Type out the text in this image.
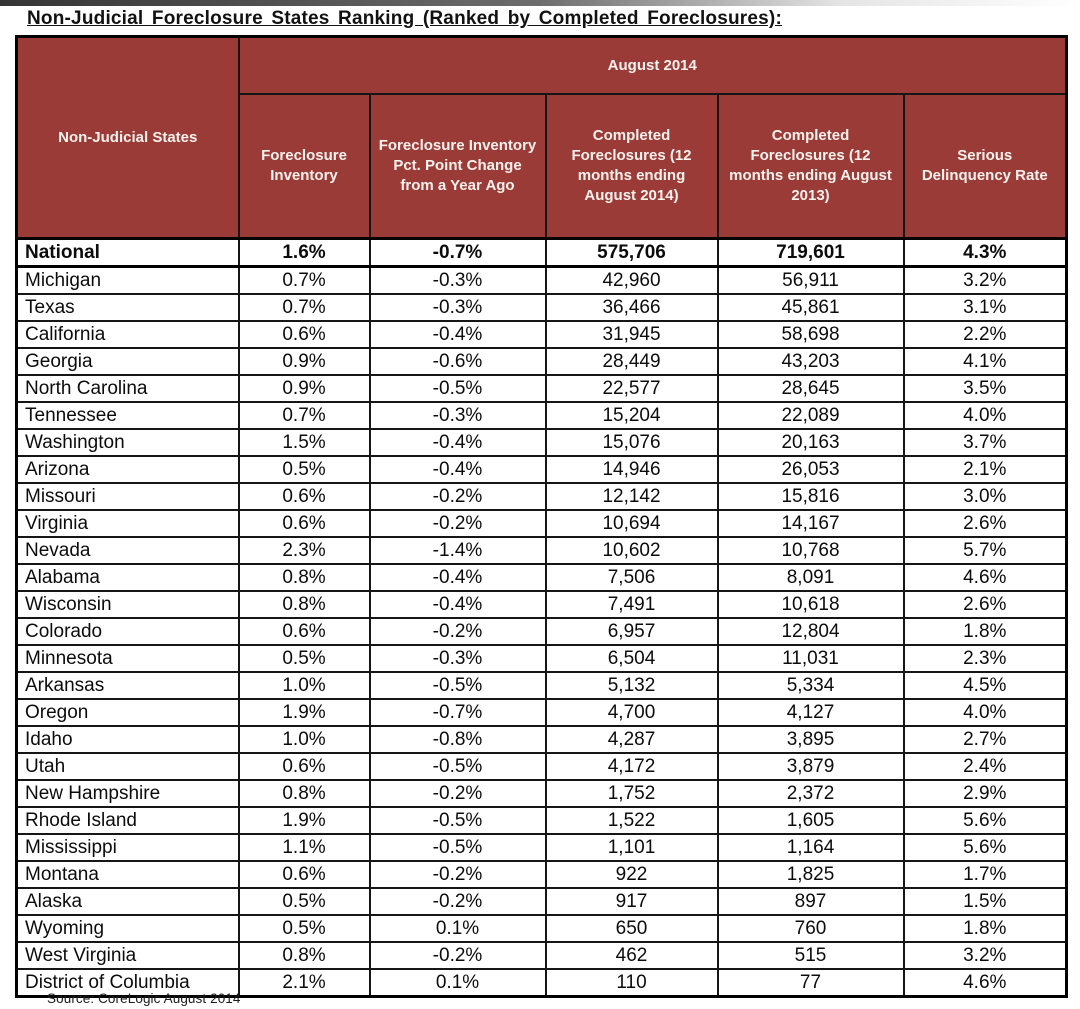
Non-Judicial Foreclosure States Ranking (Ranked by Completed Foreclosures):
Non-Judicial States	August 2014				
	Foreclosure Inventory	Foreclosure Inventory Pct. Point Change from a Year Ago	Completed Foreclosures (12 months ending August 2014)	Completed Foreclosures (12 months ending August 2013)	Serious Delinquency Rate
National	1.6%	-0.7%	575,706	719,601	4.3%
Michigan	0.7%	-0.3%	42,960	56,911	3.2%
Texas	0.7%	-0.3%	36,466	45,861	3.1%
California	0.6%	-0.4%	31,945	58,698	2.2%
Georgia	0.9%	-0.6%	28,449	43,203	4.1%
North Carolina	0.9%	-0.5%	22,577	28,645	3.5%
Tennessee	0.7%	-0.3%	15,204	22,089	4.0%
Washington	1.5%	-0.4%	15,076	20,163	3.7%
Arizona	0.5%	-0.4%	14,946	26,053	2.1%
Missouri	0.6%	-0.2%	12,142	15,816	3.0%
Virginia	0.6%	-0.2%	10,694	14,167	2.6%
Nevada	2.3%	-1.4%	10,602	10,768	5.7%
Alabama	0.8%	-0.4%	7,506	8,091	4.6%
Wisconsin	0.8%	-0.4%	7,491	10,618	2.6%
Colorado	0.6%	-0.2%	6,957	12,804	1.8%
Minnesota	0.5%	-0.3%	6,504	11,031	2.3%
Arkansas	1.0%	-0.5%	5,132	5,334	4.5%
Oregon	1.9%	-0.7%	4,700	4,127	4.0%
Idaho	1.0%	-0.8%	4,287	3,895	2.7%
Utah	0.6%	-0.5%	4,172	3,879	2.4%
New Hampshire	0.8%	-0.2%	1,752	2,372	2.9%
Rhode Island	1.9%	-0.5%	1,522	1,605	5.6%
Mississippi	1.1%	-0.5%	1,101	1,164	5.6%
Montana	0.6%	-0.2%	922	1,825	1.7%
Alaska	0.5%	-0.2%	917	897	1.5%
Wyoming	0.5%	0.1%	650	760	1.8%
West Virginia	0.8%	-0.2%	462	515	3.2%
District of Columbia	2.1%	0.1%	110	77	4.6%
Source: CoreLogic August 2014
